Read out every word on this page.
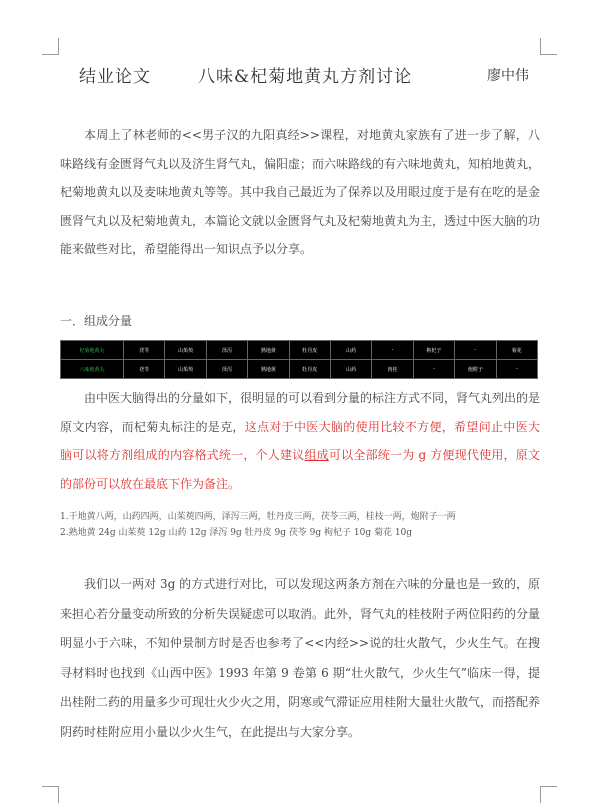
结业论文	八味&杞菊地黄丸方剂讨论	廖中伟

本周上了林老师的<<男子汉的九阳真经>>课程，对地黄丸家族有了进一步了解，八味路线有金匮肾气丸以及济生肾气丸，偏阳虚；而六味路线的有六味地黄丸，知柏地黄丸，杞菊地黄丸以及麦味地黄丸等等。其中我自己最近为了保养以及用眼过度于是有在吃的是金匮肾气丸以及杞菊地黄丸，本篇论文就以金匮肾气丸及杞菊地黄丸为主，透过中医大脑的功能来做些对比，希望能得出一知识点予以分享。

一．组成分量

杞菊地黄丸	茯苓	山茱萸	泽泻	熟地黄	牡丹皮	山药	-	枸杞子	-	菊花
八味地黄丸	茯苓	山茱萸	泽泻	熟地黄	牡丹皮	山药	肉桂	-	炮附子	-

由中医大脑得出的分量如下，很明显的可以看到分量的标注方式不同，肾气丸列出的是原文内容，而杞菊丸标注的是克，这点对于中医大脑的使用比较不方便，希望问止中医大脑可以将方剂组成的内容格式统一，个人建议组成可以全部统一为 g 方便现代使用，原文的部份可以放在最底下作为备注。

1.干地黄八两，山药四两，山茱萸四两，泽泻三两，牡丹皮三两，茯苓三两，桂枝一两，炮附子一两
2.熟地黄 24g 山茱萸 12g 山药 12g 泽泻 9g 牡丹皮 9g 茯苓 9g 枸杞子 10g 菊花 10g

我们以一两对 3g 的方式进行对比，可以发现这两条方剂在六味的分量也是一致的，原来担心若分量变动所致的分析失误疑虑可以取消。此外，肾气丸的桂枝附子两位阳药的分量明显小于六味，不知仲景制方时是否也参考了<<内经>>说的壮火散气，少火生气。在搜寻材料时也找到《山西中医》1993 年第 9 卷第 6 期“壮火散气，少火生气”临床一得，提出桂附二药的用量多少可现壮火少火之用，阴寒或气滞证应用桂附大量壮火散气，而搭配养阴药时桂附应用小量以少火生气，在此提出与大家分享。
